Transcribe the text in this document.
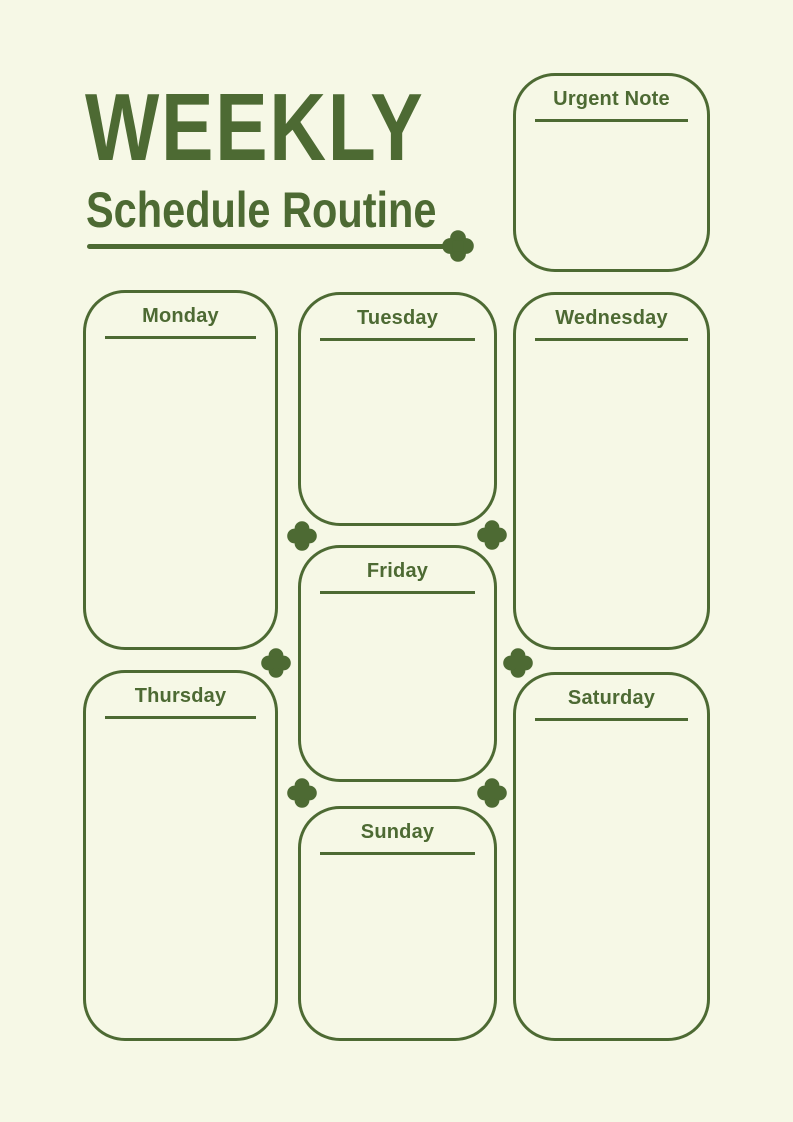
WEEKLY
Schedule Routine
Urgent Note
Monday	Tuesday	Wednesday
Friday
Thursday	Saturday
Sunday
